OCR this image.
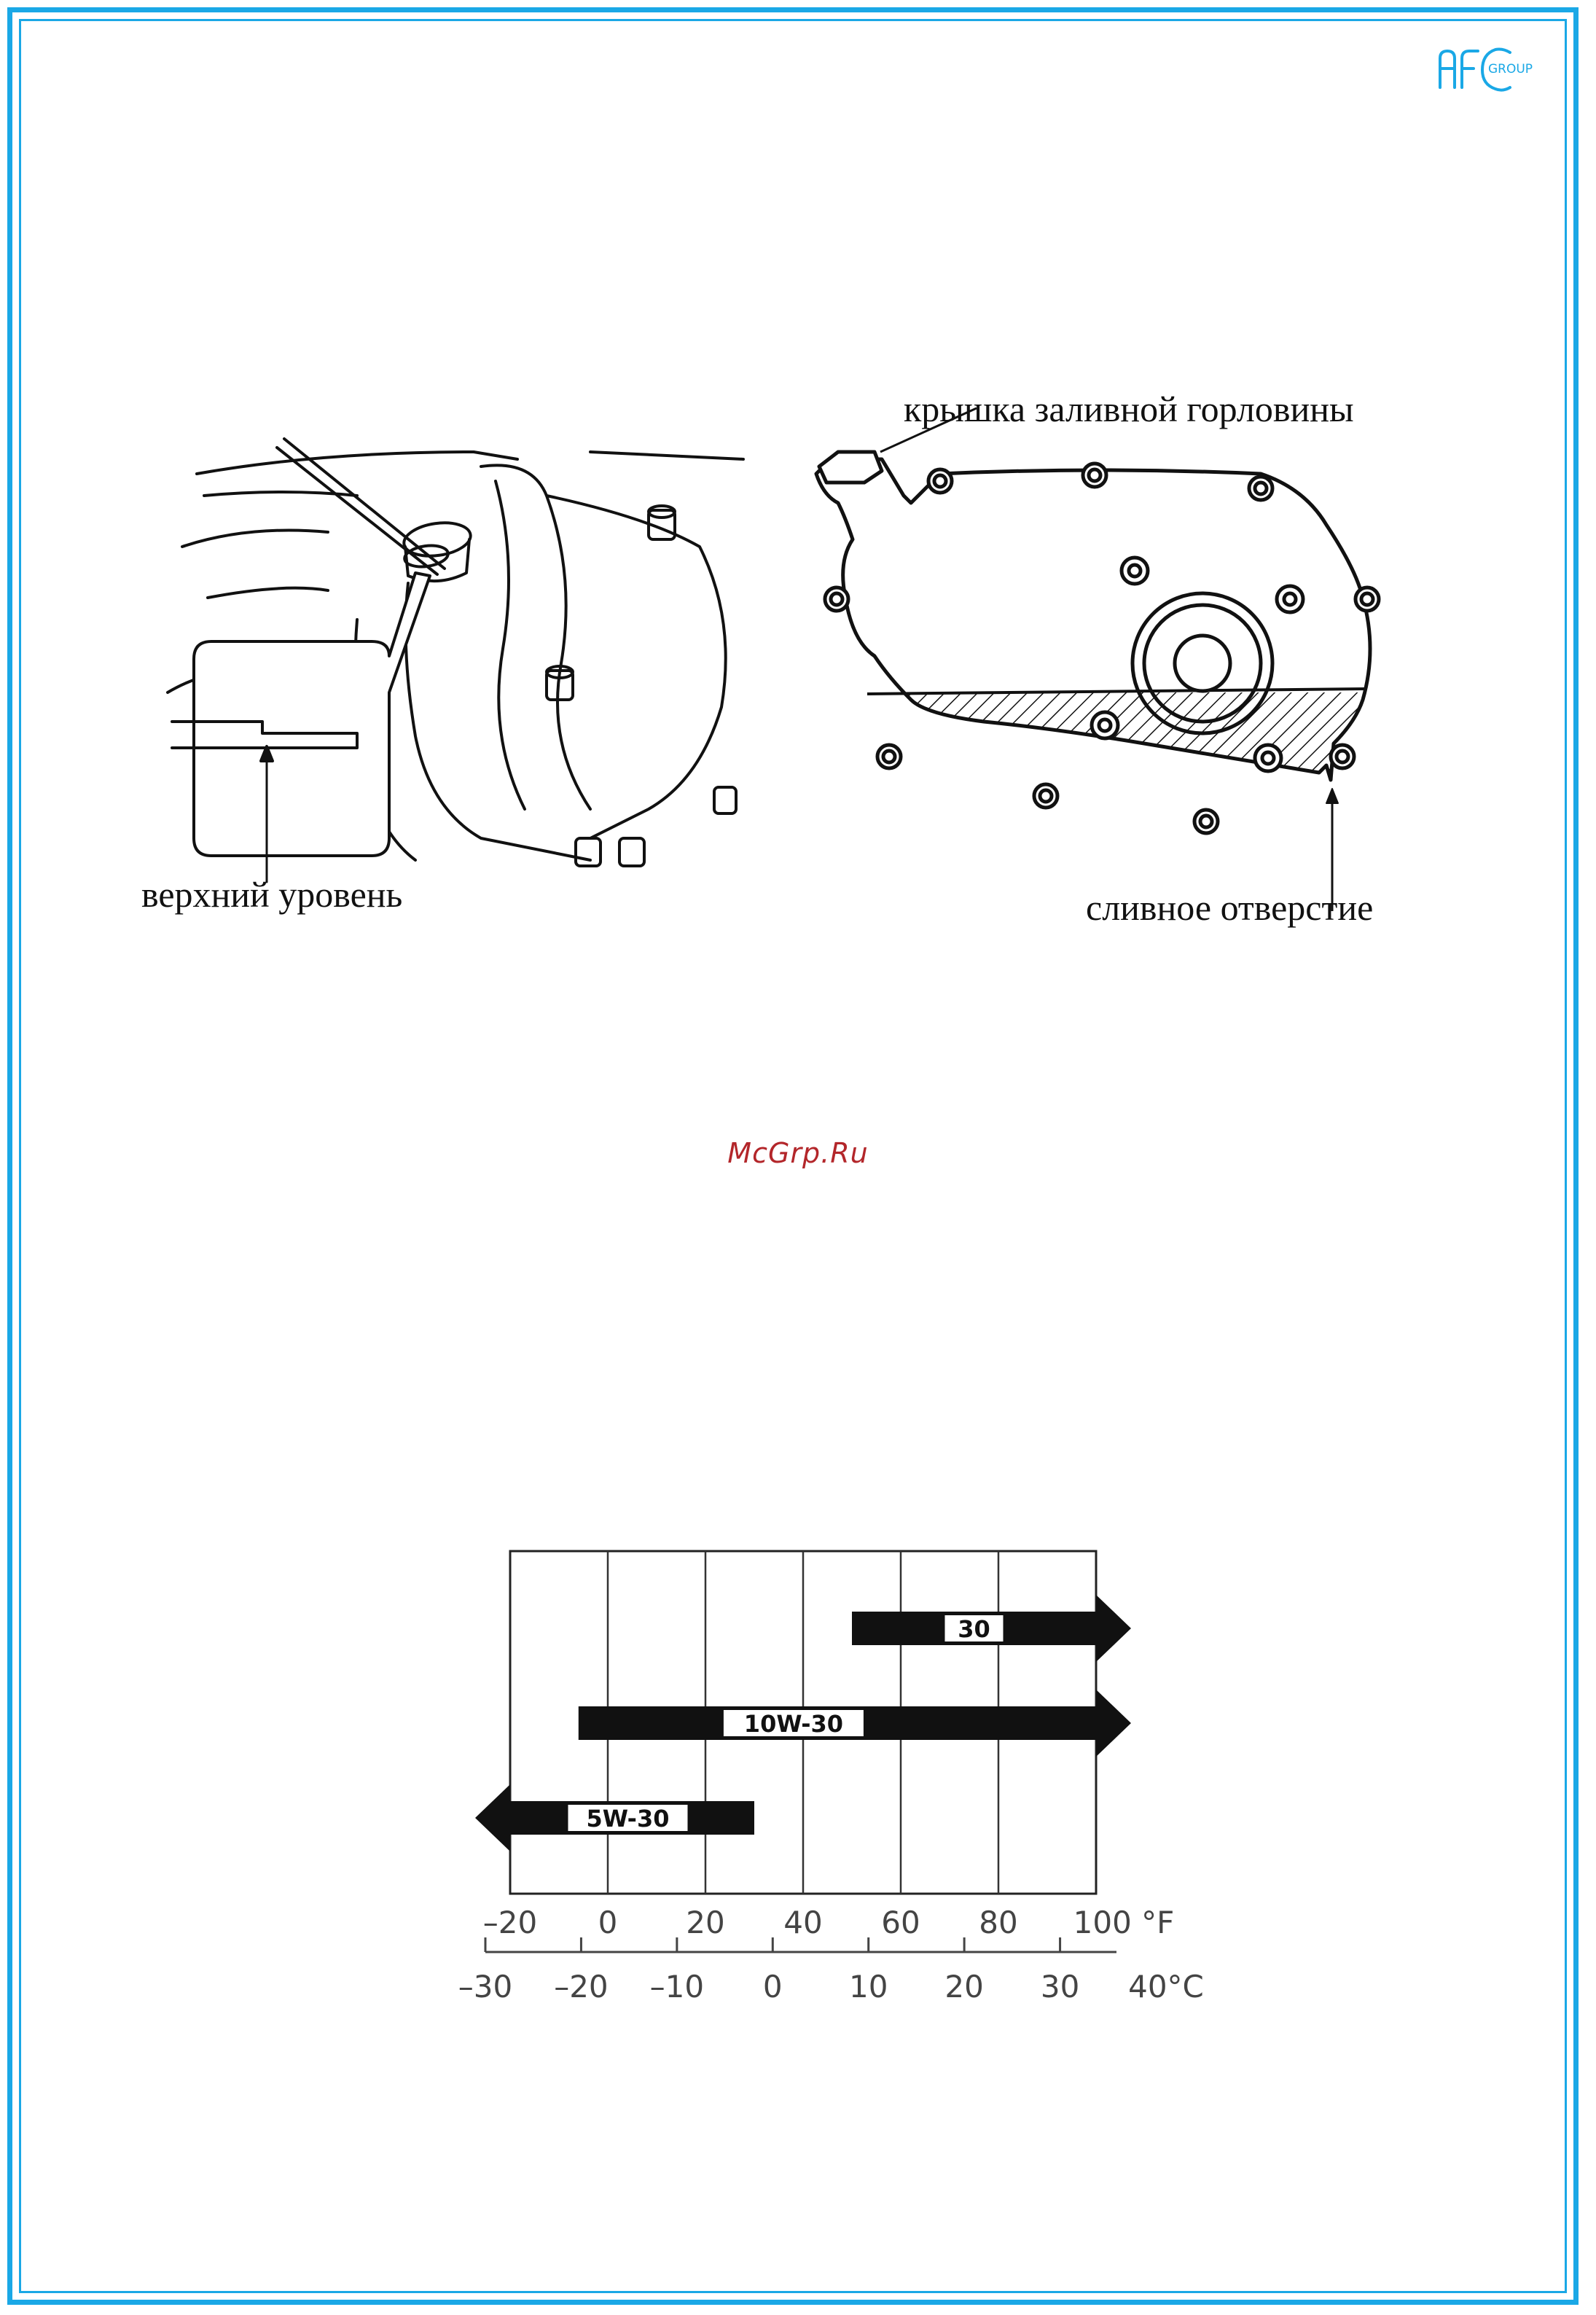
GROUP
верхний уровень
крышка заливной горловины
сливное отверстие
McGrp.Ru
30
10W-30
5W-30
–20 0 20 40 60 80 100 °F
–30 –20 –10 0 10 20 30 40°C
